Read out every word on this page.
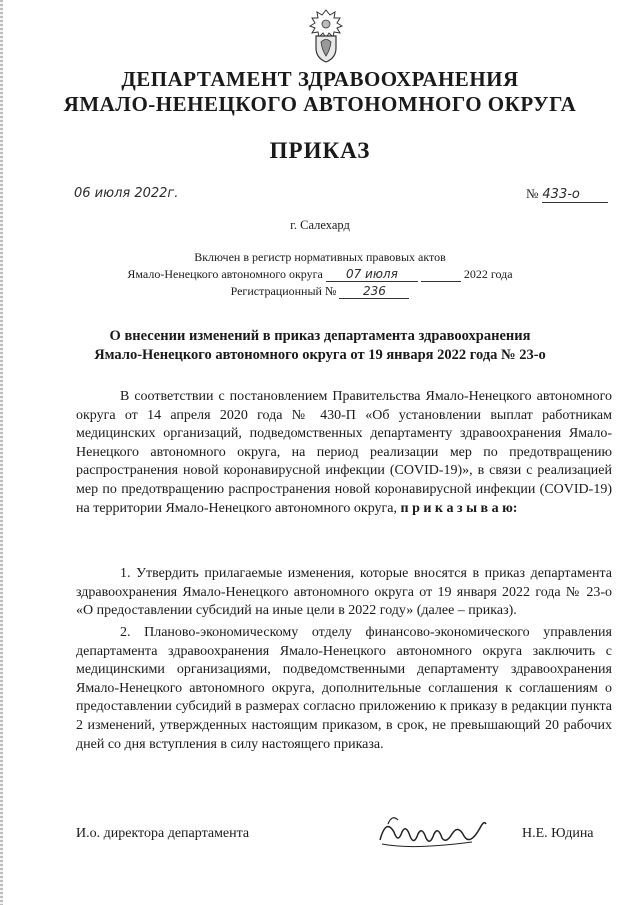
ДЕПАРТАМЕНТ ЗДРАВООХРАНЕНИЯ
ЯМАЛО-НЕНЕЦКОГО АВТОНОМНОГО ОКРУГА
ПРИКАЗ
06 июля 2022г.	№ 433-о
г. Салехард
Включен в регистр нормативных правовых актов
Ямало-Ненецкого автономного округа 07 июля	2022 года
Регистрационный № 236
О внесении изменений в приказ департамента здравоохранения
Ямало-Ненецкого автономного округа от 19 января 2022 года № 23-о
В соответствии с постановлением Правительства Ямало-Ненецкого автономного округа от 14 апреля 2020 года № 430-П «Об установлении выплат работникам медицинских организаций, подведомственных департаменту здравоохранения Ямало-Ненецкого автономного округа, на период реализации мер по предотвращению распространения новой коронавирусной инфекции (COVID-19)», в связи с реализацией мер по предотвращению распространения новой коронавирусной инфекции (COVID-19) на территории Ямало-Ненецкого автономного округа, п р и к а з ы в а ю:
1. Утвердить прилагаемые изменения, которые вносятся в приказ департамента здравоохранения Ямало-Ненецкого автономного округа от 19 января 2022 года № 23-о «О предоставлении субсидий на иные цели в 2022 году» (далее – приказ).
2. Планово-экономическому отделу финансово-экономического управления департамента здравоохранения Ямало-Ненецкого автономного округа заключить с медицинскими организациями, подведомственными департаменту здравоохранения Ямало-Ненецкого автономного округа, дополнительные соглашения к соглашениям о предоставлении субсидий в размерах согласно приложению к приказу в редакции пункта 2 изменений, утвержденных настоящим приказом, в срок, не превышающий 20 рабочих дней со дня вступления в силу настоящего приказа.
И.о. директора департамента	Н.Е. Юдина
